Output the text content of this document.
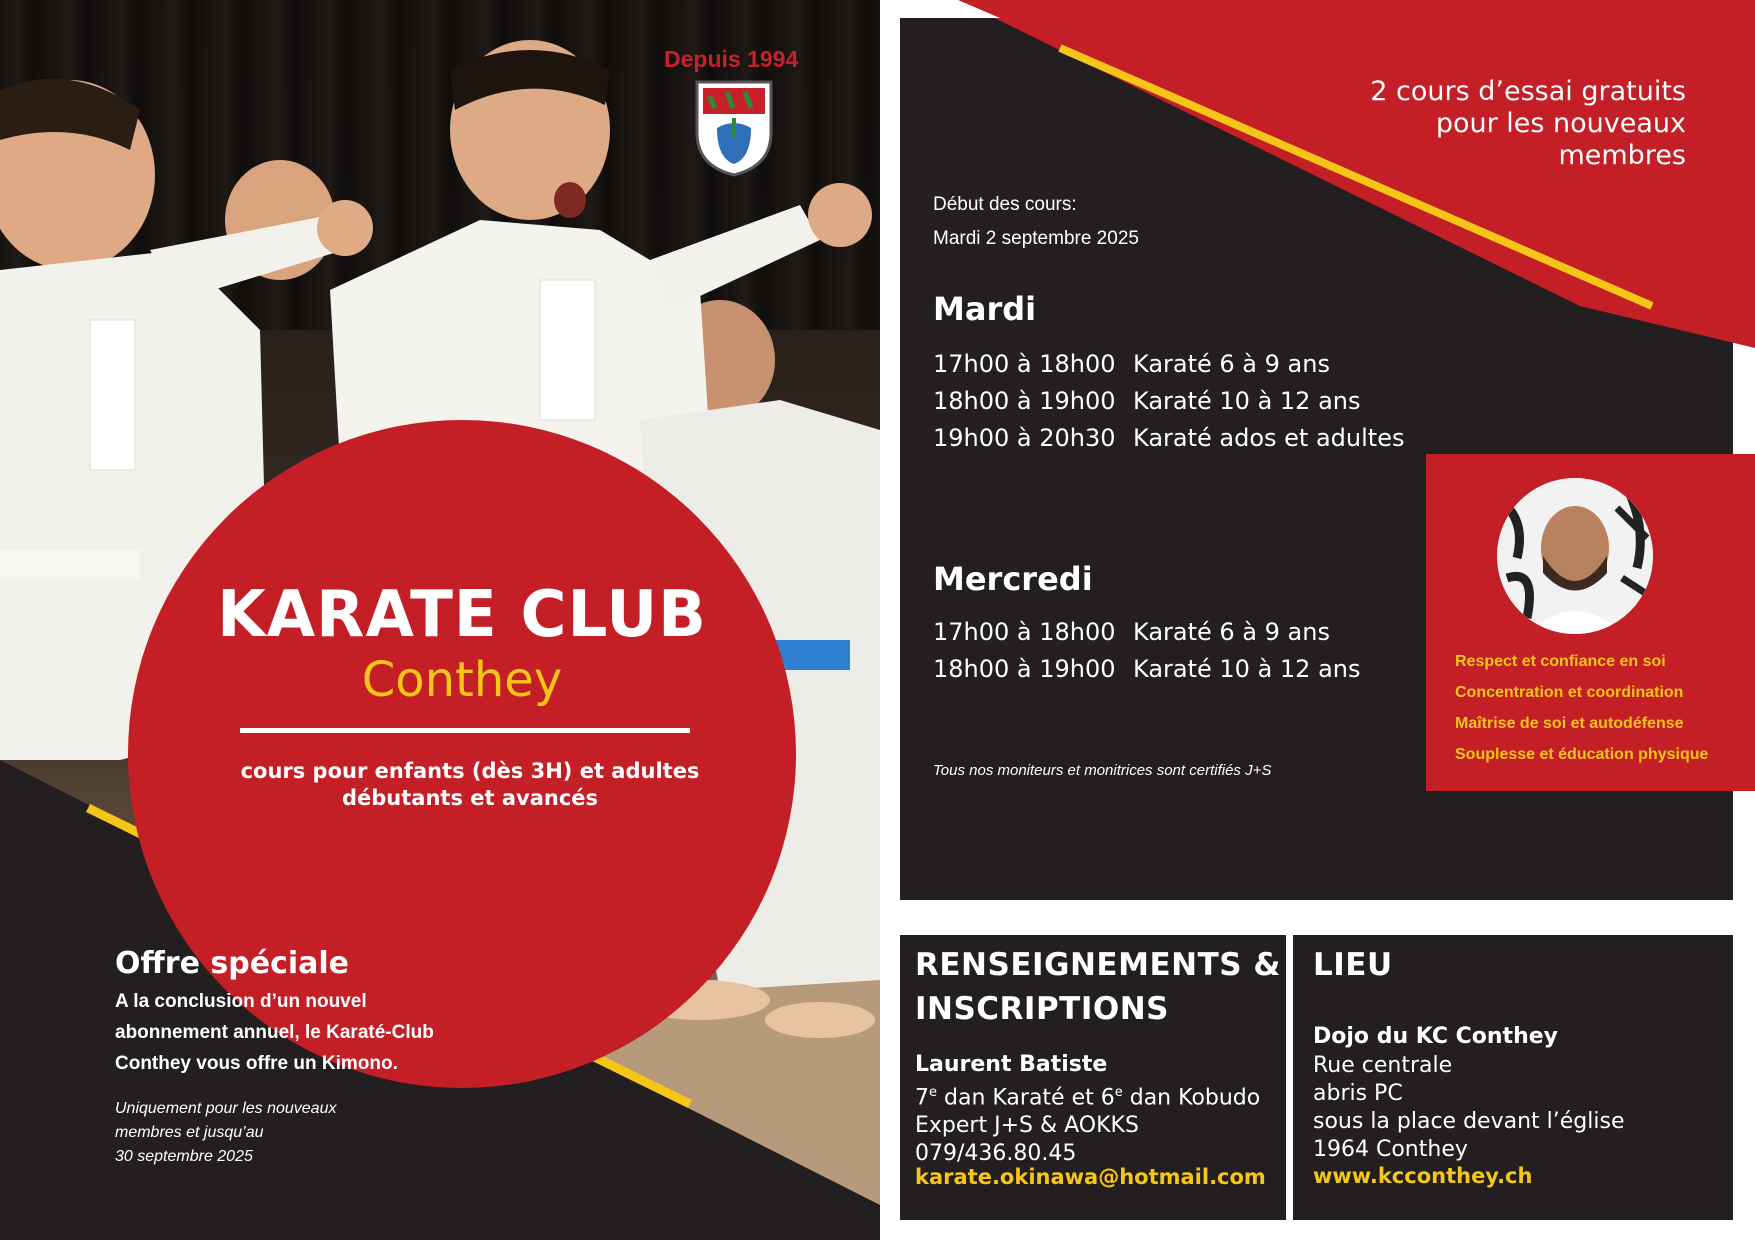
Depuis 1994
KARATE CLUB
Conthey
cours pour enfants (dès 3H) et adultes
débutants et avancés
Offre spéciale
A la conclusion d’un nouvel
abonnement annuel, le Karaté-Club
Conthey vous offre un Kimono.
Uniquement pour les nouveaux
membres et jusqu’au
30 septembre 2025
2 cours d’essai gratuits
pour les nouveaux
membres
Début des cours:
Mardi 2 septembre 2025
Mardi
17h00 à 18h00 Karaté 6 à 9 ans
18h00 à 19h00 Karaté 10 à 12 ans
19h00 à 20h30 Karaté ados et adultes
Mercredi
17h00 à 18h00 Karaté 6 à 9 ans
18h00 à 19h00 Karaté 10 à 12 ans
Tous nos moniteurs et monitrices sont certifiés J+S
Respect et confiance en soi
Concentration et coordination
Maîtrise de soi et autodéfense
Souplesse et éducation physique
RENSEIGNEMENTS &
INSCRIPTIONS
Laurent Batiste
7e dan Karaté et 6e dan Kobudo
Expert J+S & AOKKS
079/436.80.45
karate.okinawa@hotmail.com
LIEU
Dojo du KC Conthey
Rue centrale
abris PC
sous la place devant l’église
1964 Conthey
www.kcconthey.ch
